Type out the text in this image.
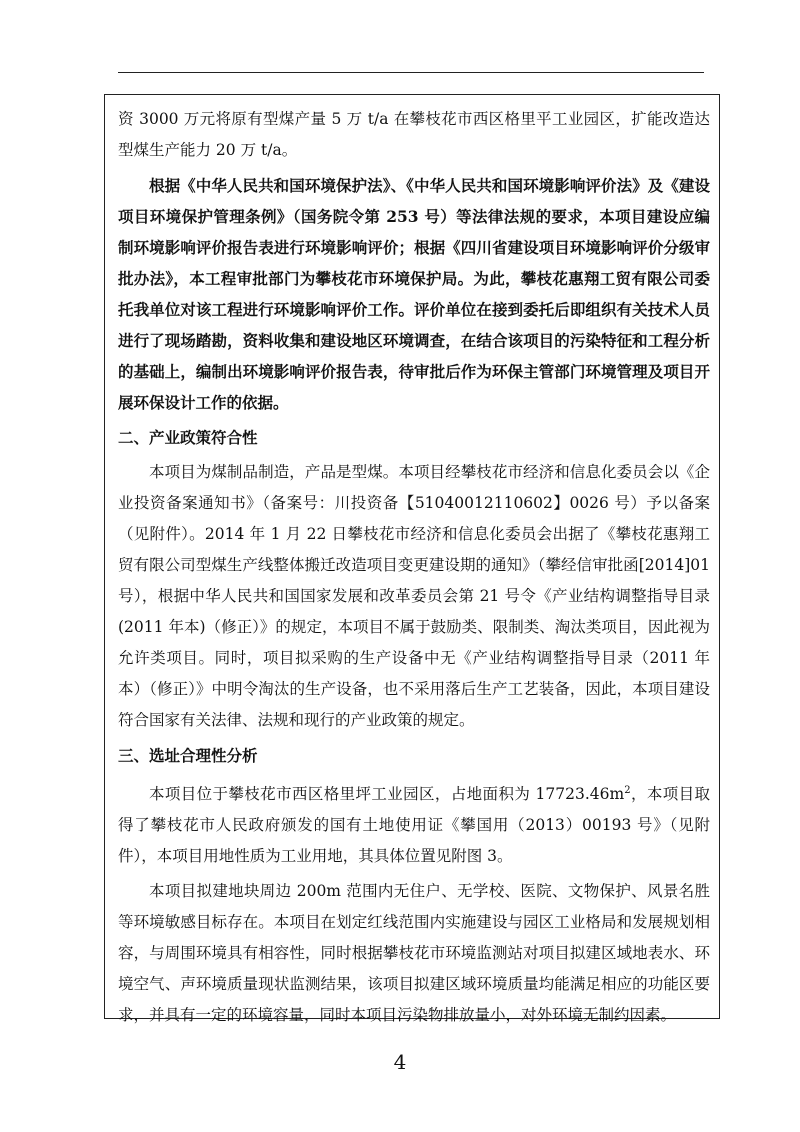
资 3000 万元将原有型煤产量 5 万 t/a 在攀枝花市西区格里平工业园区，扩能改造达型煤生产能力 20 万 t/a。

根据《中华人民共和国环境保护法》、《中华人民共和国环境影响评价法》及《建设项目环境保护管理条例》（国务院令第 253 号）等法律法规的要求，本项目建设应编制环境影响评价报告表进行环境影响评价；根据《四川省建设项目环境影响评价分级审批办法》，本工程审批部门为攀枝花市环境保护局。为此，攀枝花惠翔工贸有限公司委托我单位对该工程进行环境影响评价工作。评价单位在接到委托后即组织有关技术人员进行了现场踏勘，资料收集和建设地区环境调查，在结合该项目的污染特征和工程分析的基础上，编制出环境影响评价报告表，待审批后作为环保主管部门环境管理及项目开展环保设计工作的依据。

二、产业政策符合性

本项目为煤制品制造，产品是型煤。本项目经攀枝花市经济和信息化委员会以《企业投资备案通知书》（备案号：川投资备【51040012110602】0026 号）予以备案（见附件）。2014 年 1 月 22 日攀枝花市经济和信息化委员会出据了《攀枝花惠翔工贸有限公司型煤生产线整体搬迁改造项目变更建设期的通知》（攀经信审批函[2014]01 号），根据中华人民共和国国家发展和改革委员会第 21 号令《产业结构调整指导目录(2011 年本)（修正）》的规定，本项目不属于鼓励类、限制类、淘汰类项目，因此视为允许类项目。同时，项目拟采购的生产设备中无《产业结构调整指导目录（2011 年本）（修正）》中明令淘汰的生产设备，也不采用落后生产工艺装备，因此，本项目建设符合国家有关法律、法规和现行的产业政策的规定。

三、选址合理性分析

本项目位于攀枝花市西区格里坪工业园区，占地面积为 $17723.46m^2$，本项目取得了攀枝花市人民政府颁发的国有土地使用证《攀国用（2013）00193 号》（见附件），本项目用地性质为工业用地，其具体位置见附图 3。

本项目拟建地块周边 200m 范围内无住户、无学校、医院、文物保护、风景名胜等环境敏感目标存在。本项目在划定红线范围内实施建设与园区工业格局和发展规划相容，与周围环境具有相容性，同时根据攀枝花市环境监测站对项目拟建区域地表水、环境空气、声环境质量现状监测结果，该项目拟建区域环境质量均能满足相应的功能区要求，并具有一定的环境容量，同时本项目污染物排放量小，对外环境无制约因素。

4
